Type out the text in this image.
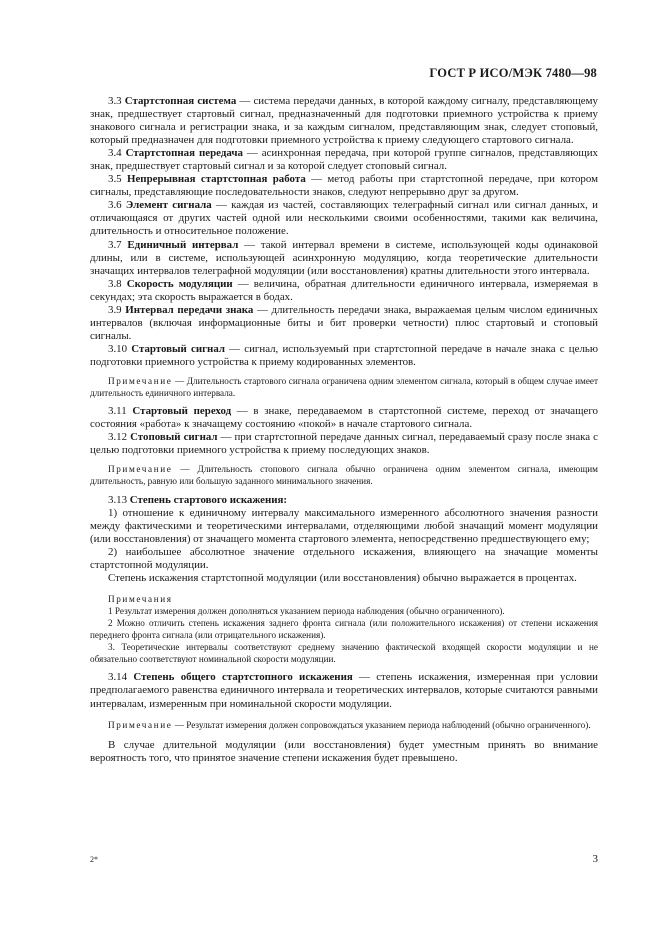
ГОСТ Р ИСО/МЭК 7480—98

3.3 Стартстопная система — система передачи данных, в которой каждому сигналу, представляющему знак, предшествует стартовый сигнал, предназначенный для подготовки приемного устройства к приему знакового сигнала и регистрации знака, и за каждым сигналом, представляющим знак, следует стоповый, который предназначен для подготовки приемного устройства к приему следующего стартового сигнала.

3.4 Стартстопная передача — асинхронная передача, при которой группе сигналов, представляющих знак, предшествует стартовый сигнал и за которой следует стоповый сигнал.

3.5 Непрерывная стартстопная работа — метод работы при стартстопной передаче, при котором сигналы, представляющие последовательности знаков, следуют непрерывно друг за другом.

3.6 Элемент сигнала — каждая из частей, составляющих телеграфный сигнал или сигнал данных, и отличающаяся от других частей одной или несколькими своими особенностями, такими как величина, длительность и относительное положение.

3.7 Единичный интервал — такой интервал времени в системе, использующей коды одинаковой длины, или в системе, использующей асинхронную модуляцию, когда теоретические длительности значащих интервалов телеграфной модуляции (или восстановления) кратны длительности этого интервала.

3.8 Скорость модуляции — величина, обратная длительности единичного интервала, измеряемая в секундах; эта скорость выражается в бодах.

3.9 Интервал передачи знака — длительность передачи знака, выражаемая целым числом единичных интервалов (включая информационные биты и бит проверки четности) плюс стартовый и стоповый сигналы.

3.10 Стартовый сигнал — сигнал, используемый при стартстопной передаче в начале знака с целью подготовки приемного устройства к приему кодированных элементов.

Примечание — Длительность стартового сигнала ограничена одним элементом сигнала, который в общем случае имеет длительность единичного интервала.

3.11 Стартовый переход — в знаке, передаваемом в стартстопной системе, переход от значащего состояния «работа» к значащему состоянию «покой» в начале стартового сигнала.

3.12 Стоповый сигнал — при стартстопной передаче данных сигнал, передаваемый сразу после знака с целью подготовки приемного устройства к приему последующих знаков.

Примечание — Длительность стопового сигнала обычно ограничена одним элементом сигнала, имеющим длительность, равную или большую заданного минимального значения.

3.13 Степень стартового искажения:

1) отношение к единичному интервалу максимального измеренного абсолютного значения разности между фактическими и теоретическими интервалами, отделяющими любой значащий момент модуляции (или восстановления) от значащего момента стартового элемента, непосредственно предшествующего ему;

2) наибольшее абсолютное значение отдельного искажения, влияющего на значащие моменты стартстопной модуляции.

Степень искажения стартстопной модуляции (или восстановления) обычно выражается в процентах.

Примечания

1 Результат измерения должен дополняться указанием периода наблюдения (обычно ограниченного).

2 Можно отличить степень искажения заднего фронта сигнала (или положительного искажения) от степени искажения переднего фронта сигнала (или отрицательного искажения).

3. Теоретические интервалы соответствуют среднему значению фактической входящей скорости модуляции и не обязательно соответствуют номинальной скорости модуляции.

3.14 Степень общего стартстопного искажения — степень искажения, измеренная при условии предполагаемого равенства единичного интервала и теоретических интервалов, которые считаются равными интервалам, измеренным при номинальной скорости модуляции.

Примечание — Результат измерения должен сопровождаться указанием периода наблюдений (обычно ограниченного).

В случае длительной модуляции (или восстановления) будет уместным принять во внимание вероятность того, что принятое значение степени искажения будет превышено.

2*	3
